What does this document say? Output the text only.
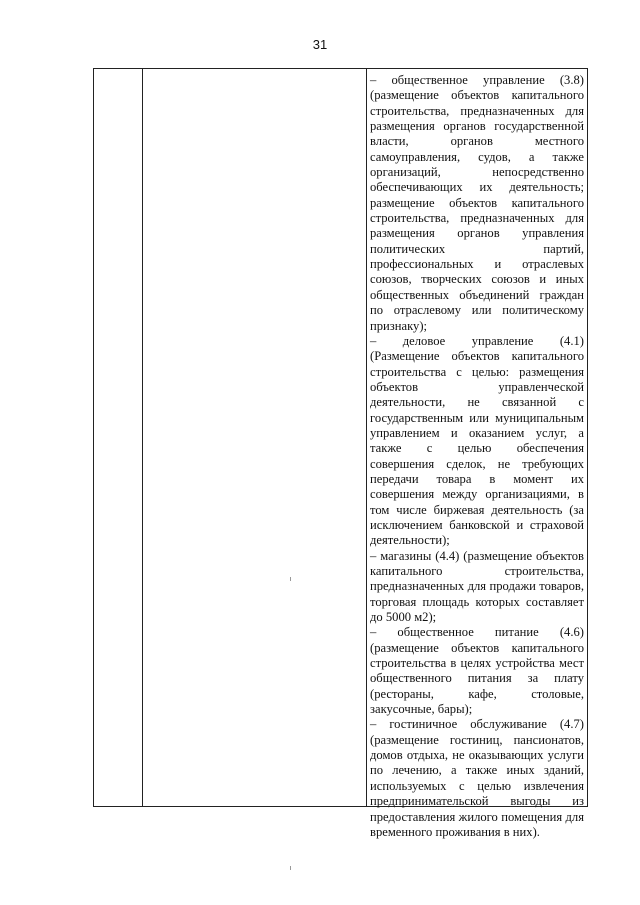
31

– общественное управление (3.8) (размещение объектов капитального строительства, предназначенных для размещения органов государственной власти, органов местного самоуправления, судов, а также организаций, непосредственно обеспечивающих их деятельность; размещение объектов капитального строительства, предназначенных для размещения органов управления политических партий, профессиональных и отраслевых союзов, творческих союзов и иных общественных объединений граждан по отраслевому или политическому признаку);

– деловое управление (4.1) (Размещение объектов капитального строительства с целью: размещения объектов управленческой деятельности, не связанной с государственным или муниципальным управлением и оказанием услуг, а также с целью обеспечения совершения сделок, не требующих передачи товара в момент их совершения между организациями, в том числе биржевая деятельность (за исключением банковской и страховой деятельности);

– магазины (4.4) (размещение объектов капитального строительства, предназначенных для продажи товаров, торговая площадь которых составляет до 5000 м2);

– общественное питание (4.6) (размещение объектов капитального строительства в целях устройства мест общественного питания за плату (рестораны, кафе, столовые, закусочные, бары);

– гостиничное обслуживание (4.7) (размещение гостиниц, пансионатов, домов отдыха, не оказывающих услуги по лечению, а также иных зданий, используемых с целью извлечения предпринимательской выгоды из предоставления жилого помещения для временного проживания в них).
